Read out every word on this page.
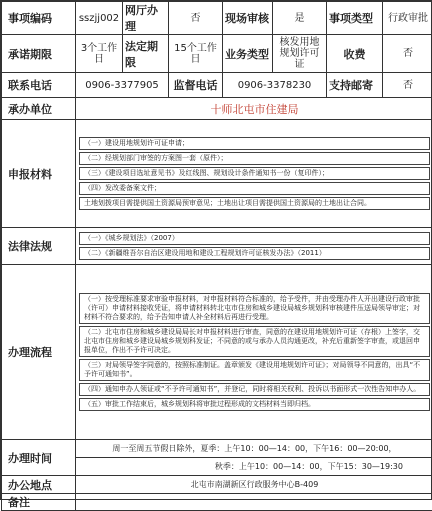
事项编码	sszjj002	网厅办理	否	现场审核	是	事项类型	行政审批
承诺期限	3个工作日	法定期限	15个工作日	业务类型	核发用地规划许可证	收费	否
联系电话	0906-3377905		监督电话	0906-3378230		支持邮寄	否
承办单位	十师北屯市住建局						
申报材料	（一）建设用地规划许可证申请；
（二）经规划部门审签的方案图一套（原件）；
（三）《建设项目选址意见书》及红线图、规划设计条件通知书一份（复印件）；
（四）发改委备案文件；
土地划拨项目需提供国土资源局预审意见；土地出让项目需提供国土资源局的土地出让合同。						

法律法规	（一）《城乡规划法》（2007）
（二）《新疆维吾尔自治区建设用地和建设工程规划许可证核发办法》（2011）						

办理流程	（一）按受理标准要求审验申报材料，对申报材料符合标准的，给予受件，并由受理办件人开出建设行政审批（许可）申请材料接收凭证，将申请材料转北屯市住房和城乡建设局城乡规划科审核建件压送局领导审定；对材料不符合要求的，给予告知申请人补全材料后再进行受理。
（二）北屯市住房和城乡建设局局长对申报材料进行审查，同意的在建设用地规划许可证（存根）上签字，交北屯市住房和城乡建设局城乡规划科发证；不同意的或与承办人员沟通更改，补充后重新签字审查，或退回申报单位，作出不予许可决定。
（三）对局领导签字同意的，按照标准制证。盖章颁发《建设用地规划许可证》；对局领导不同意的，出具“不予许可通知书”。
（四）通知申办人领证或“不予许可通知书”，并登记，同时将相关权利、投诉以书面形式一次性告知申办人。
（五）审批工作结束后，城乡规划科将审批过程形成的文档材料当即归档。						

办理时间	周一至周五节假日除外，夏季：上午10：00—14：00，下午16：00—20:00，
秋季：上午10：00—14：00，下午15：30—19:30						

办公地点	北屯市南湖新区行政服务中心B-409						
备注							
